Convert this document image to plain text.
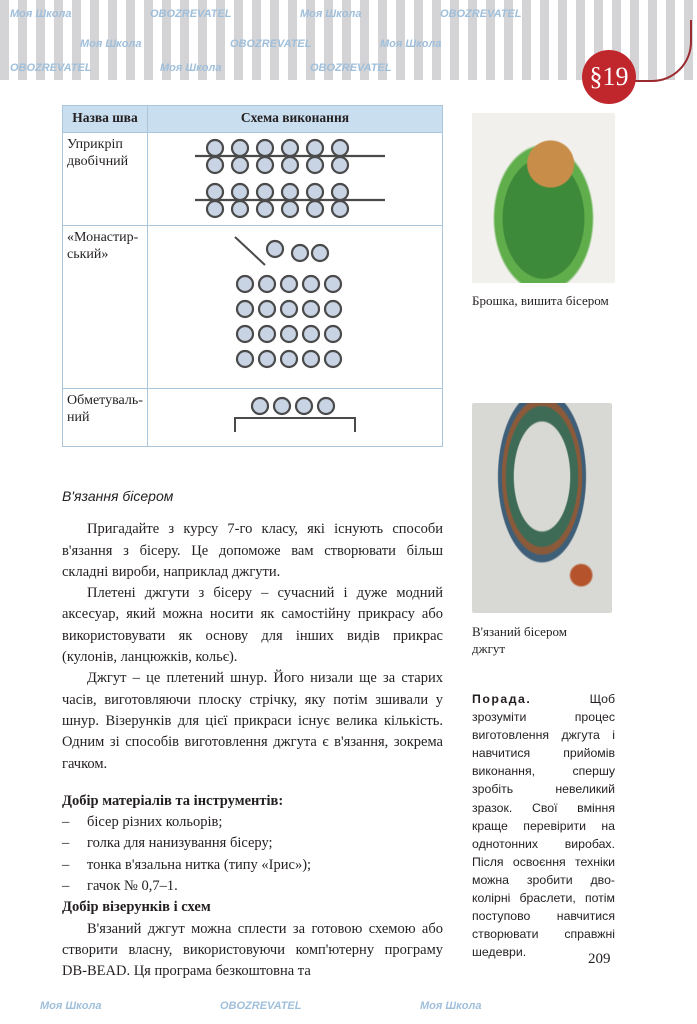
§19
Назва шва	Схема виконання
Уприкріп двобічний	

«Монастир-ський»	

Обметуваль-ний	
Брошка, вишита бісером
В'язаний бісером джгут
В'язання бісером

Пригадайте з курсу 7-го класу, які існують способи в'язання з бісеру. Це допоможе вам створювати більш складні вироби, наприклад джгути.

Плетені джгути з бісеру – сучасний і дуже модний аксесуар, який можна носити як самостійну прикрасу або використовувати як основу для інших видів прикрас (кулонів, ланцюжків, кольє).

Джгут – це плетений шнур. Його низали ще за старих часів, виготовляючи плоску стрічку, яку потім зшивали у шнур. Візерунків для цієї прикраси існує велика кількість. Одним зі способів виготовлення джгута є в'язання, зокрема гачком.

Добір матеріалів та інструментів:
–	бісер різних кольорів;
–	голка для нанизування бісеру;
–	тонка в'язальна нитка (типу «Ірис»);
–	гачок № 0,7–1.
Добір візерунків і схем

В'язаний джгут можна сплести за готовою схемою або створити власну, використовуючи комп'ютерну програму DB-BEAD. Ця програма безкоштовна та

Порада. Щоб зрозуміти процес виготовлення джгута і навчитися прийомів виконання, спершу зробіть невеликий зразок. Свої вміння краще перевірити на однотонних виробах. Після освоєння техніки можна зробити дво-колірні браслети, потім поступово навчитися створювати справжні шедеври.	209
Моя Школа	OBOZREVATEL	Моя Школа	OBOZREVATEL
Моя Школа	OBOZREVATEL	Моя Школа
OBOZREVATEL	Моя Школа	OBOZREVATEL
Моя Школа	OBOZREVATEL	Моя Школа
